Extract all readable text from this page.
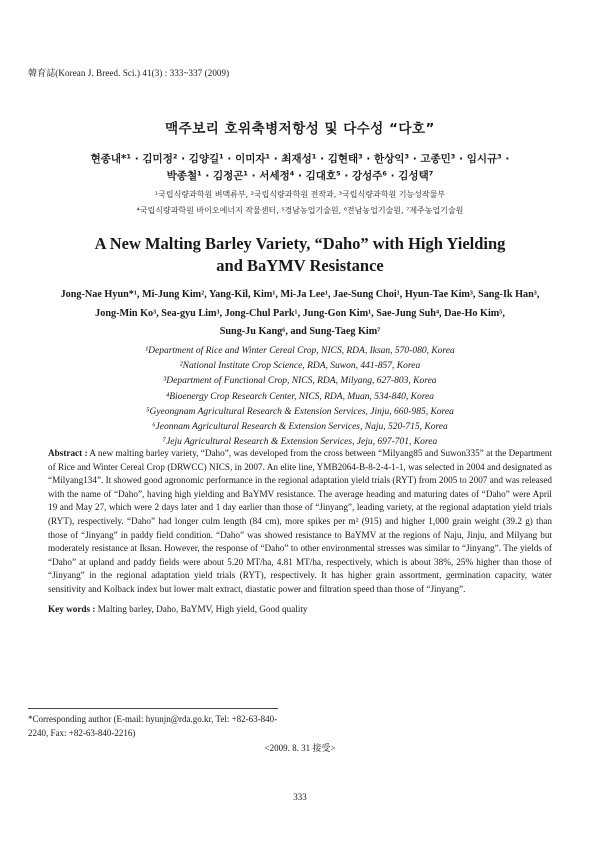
韓育誌(Korean J. Breed. Sci.) 41(3) : 333~337 (2009)
맥주보리 호위축병저항성 및 다수성 “다호”
현종내*¹ · 김미정² · 김양길¹ · 이미자¹ · 최재성¹ · 김현태³ · 한상익³ · 고종민³ · 임시규³ ·
박종철¹ · 김정곤¹ · 서세정⁴ · 김대호⁵ · 강성주⁶ · 김성택⁷
¹국립식량과학원 벼맥류부, ²국립식량과학원 전작과, ³국립식량과학원 기능성작물부
⁴국립식량과학원 바이오에너지 작물센터, ⁵경남농업기술원, ⁶전남농업기술원, ⁷제주농업기술원
A New Malting Barley Variety, “Daho” with High Yielding
and BaYMV Resistance
Jong-Nae Hyun*¹, Mi-Jung Kim², Yang-Kil, Kim¹, Mi-Ja Lee¹, Jae-Sung Choi¹, Hyun-Tae Kim³, Sang-Ik Han³,
Jong-Min Ko³, Sea-gyu Lim³, Jong-Chul Park¹, Jung-Gon Kim¹, Sae-Jung Suh⁴, Dae-Ho Kim⁵,
Sung-Ju Kang⁶, and Sung-Taeg Kim⁷
¹Department of Rice and Winter Cereal Crop, NICS, RDA, Iksan, 570-080, Korea
²National Institute Crop Science, RDA, Suwon, 441-857, Korea
³Department of Functional Crop, NICS, RDA, Milyang, 627-803, Korea
⁴Bioenergy Crop Research Center, NICS, RDA, Muan, 534-840, Korea
⁵Gyeongnam Agricultural Research & Extension Services, Jinju, 660-985, Korea
⁶Jeonnam Agricultural Research & Extension Services, Naju, 520-715, Korea
⁷Jeju Agricultural Research & Extension Services, Jeju, 697-701, Korea
Abstract : A new malting barley variety, “Daho”, was developed from the cross between “Milyang85 and Suwon335” at the Department of Rice and Winter Cereal Crop (DRWCC) NICS, in 2007. An elite line, YMB2064-B-8-2-4-1-1, was selected in 2004 and designated as “Milyang134”. It showed good agronomic performance in the regional adaptation yield trials (RYT) from 2005 to 2007 and was released with the name of “Daho”, having high yielding and BaYMV resistance. The average heading and maturing dates of “Daho” were April 19 and May 27, which were 2 days later and 1 day earlier than those of “Jinyang”, leading variety, at the regional adaptation yield trials (RYT), respectively. “Daho” had longer culm length (84 cm), more spikes per m² (915) and higher 1,000 grain weight (39.2 g) than those of “Jinyang” in paddy field condition. “Daho” was showed resistance to BaYMV at the regions of Naju, Jinju, and Milyang but moderately resistance at Iksan. However, the response of “Daho” to other environmental stresses was similar to “Jinyang”. The yields of “Daho” at upland and paddy fields were about 5.20 MT/ha, 4.81 MT/ha, respectively, which is about 38%, 25% higher than those of “Jinyang” in the regional adaptation yield trials (RYT), respectively. It has higher grain assortment, germination capacity, water sensitivity and Kolback index but lower malt extract, diastatic power and filtration speed than those of “Jinyang”.
Key words : Malting barley, Daho, BaYMV, High yield, Good quality
*Corresponding author (E-mail: hyunjn@rda.go.kr, Tel: +82-63-840-2240, Fax: +82-63-840-2216)
<2009. 8. 31 接受>
333
